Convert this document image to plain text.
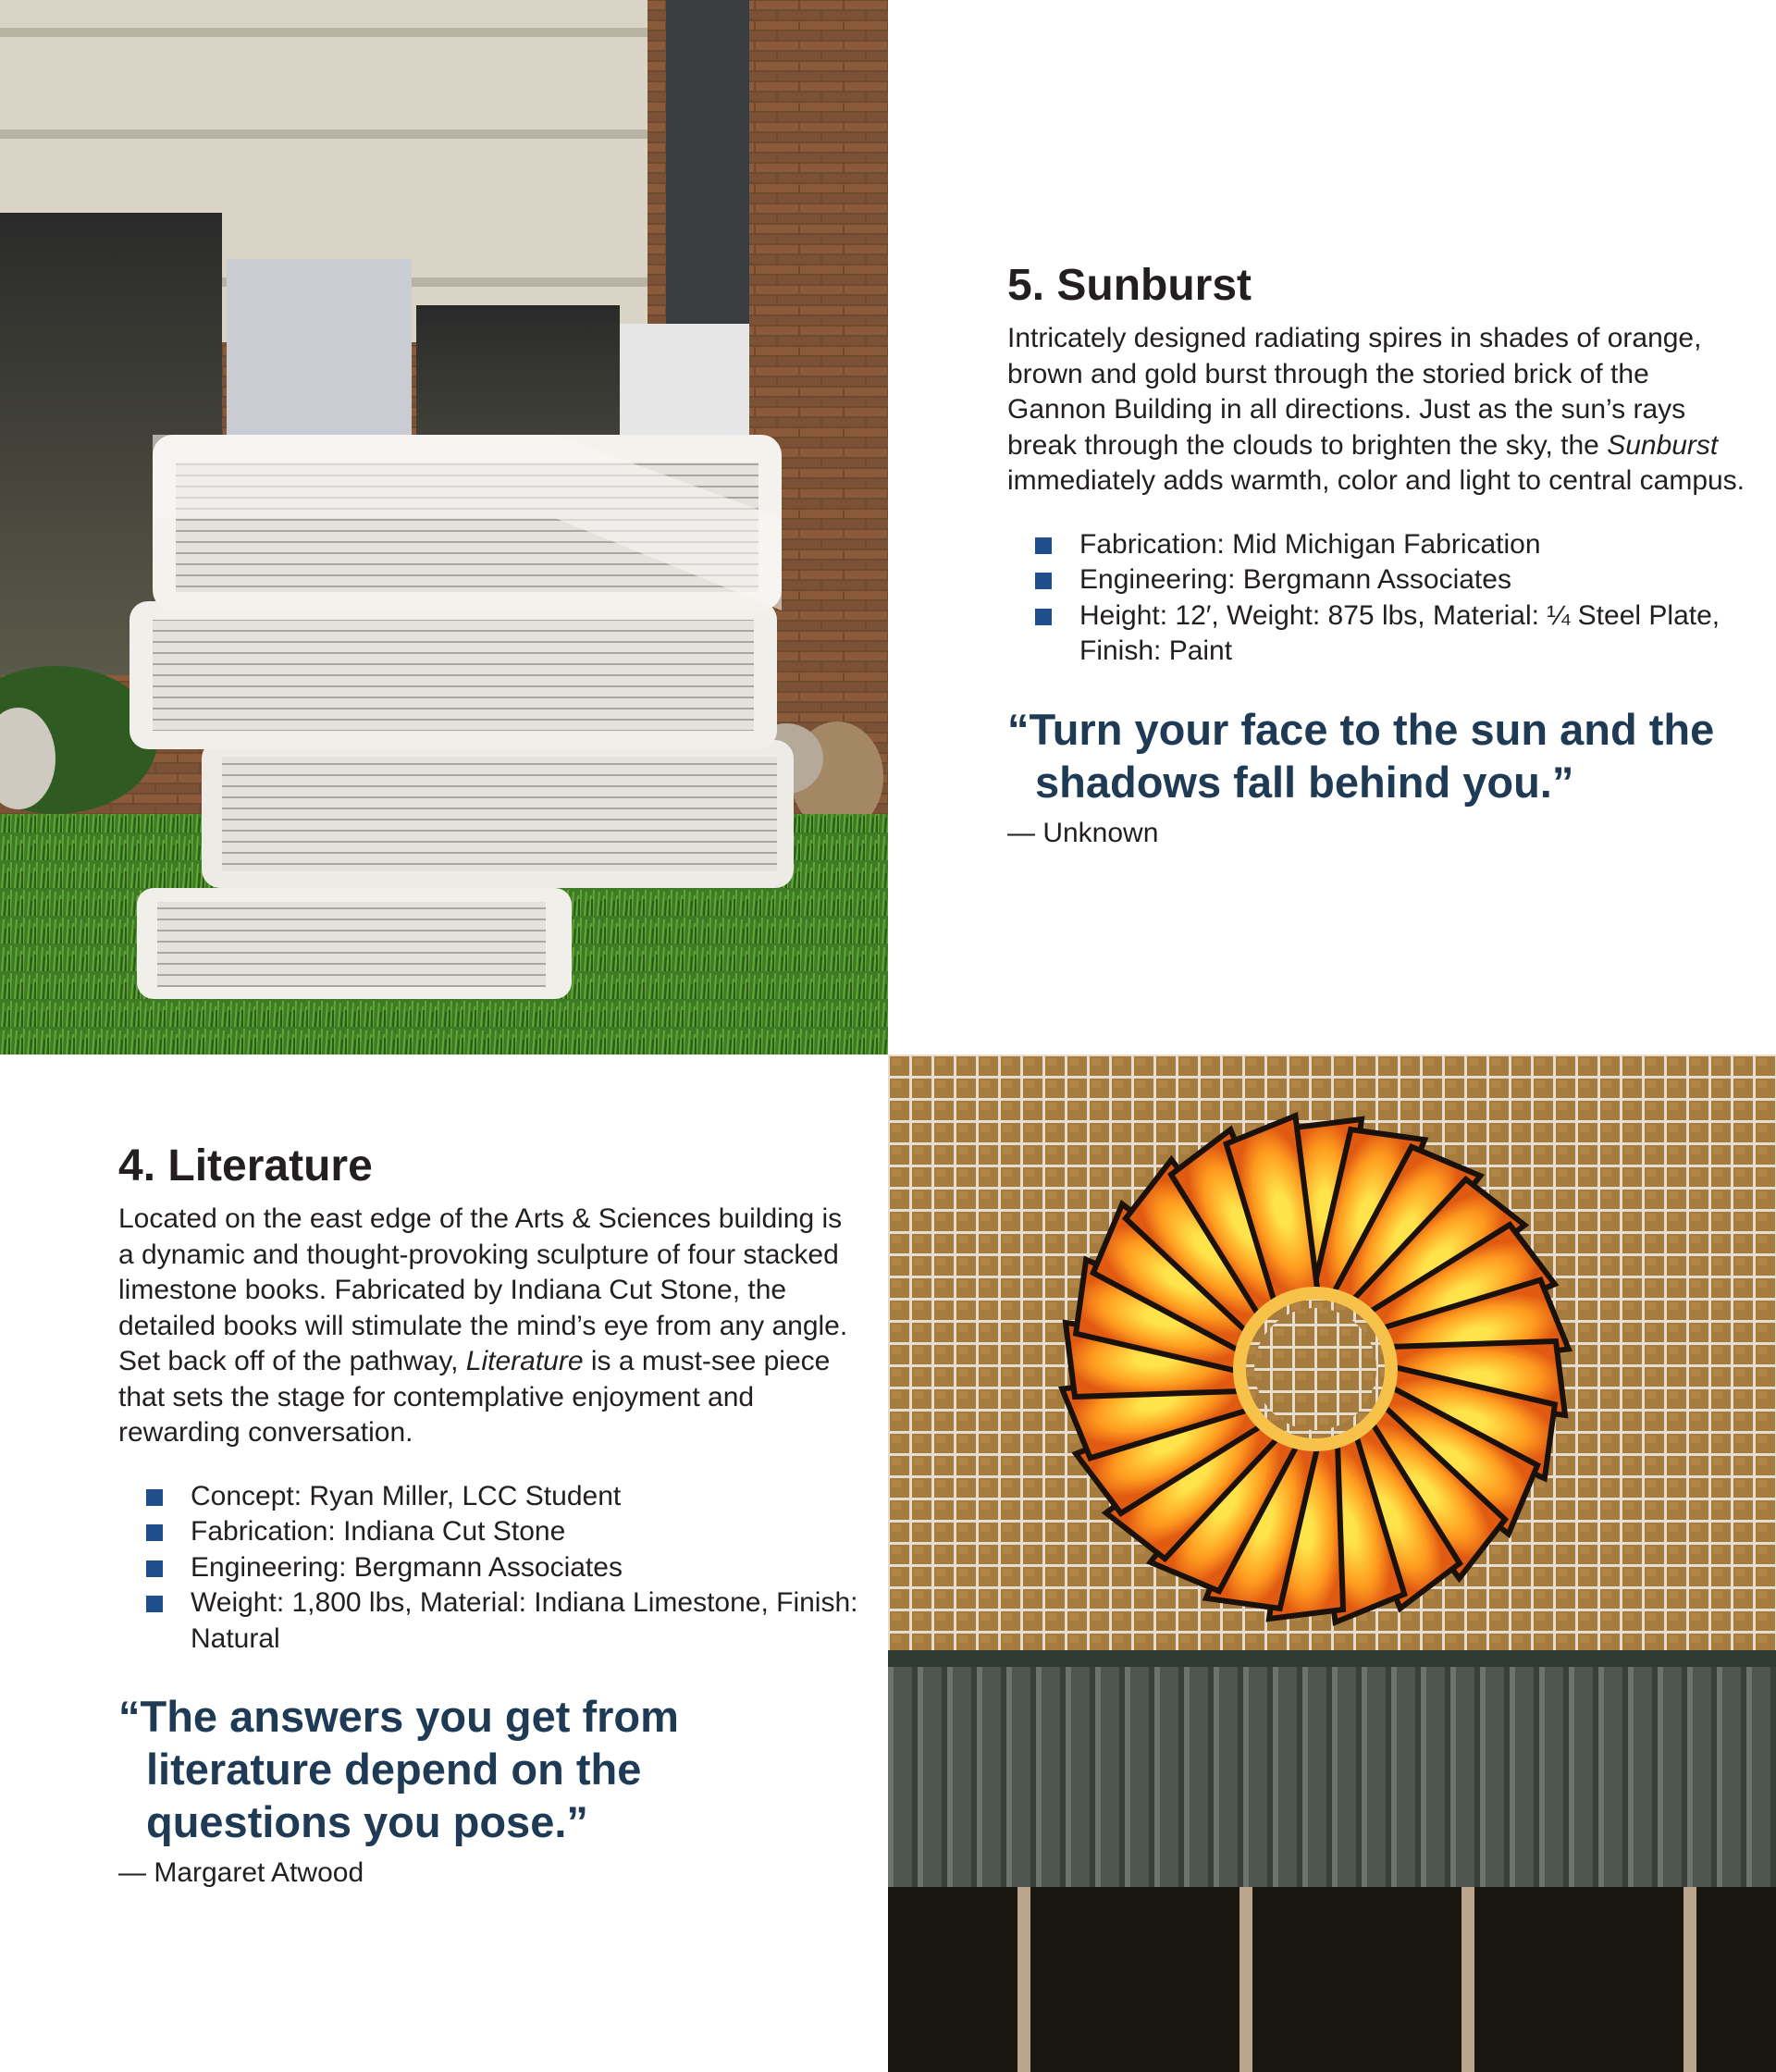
5. Sunburst

Intricately designed radiating spires in shades of orange, brown and gold burst through the storied brick of the Gannon Building in all directions. Just as the sun’s rays break through the clouds to brighten the sky, the Sunburst immediately adds warmth, color and light to central campus.

Fabrication: Mid Michigan Fabrication
Engineering: Bergmann Associates
Height: 12′, Weight: 875 lbs, Material: ¼ Steel Plate, Finish: Paint

“Turn your face to the sun and the shadows fall behind you.”

— Unknown

4. Literature

Located on the east edge of the Arts & Sciences building is a dynamic and thought-provoking sculpture of four stacked limestone books. Fabricated by Indiana Cut Stone, the detailed books will stimulate the mind’s eye from any angle. Set back off of the pathway, Literature is a must-see piece that sets the stage for contemplative enjoyment and rewarding conversation.

Concept: Ryan Miller, LCC Student
Fabrication: Indiana Cut Stone
Engineering: Bergmann Associates
Weight: 1,800 lbs, Material: Indiana Limestone, Finish: Natural

“The answers you get from literature depend on the questions you pose.”

— Margaret Atwood
